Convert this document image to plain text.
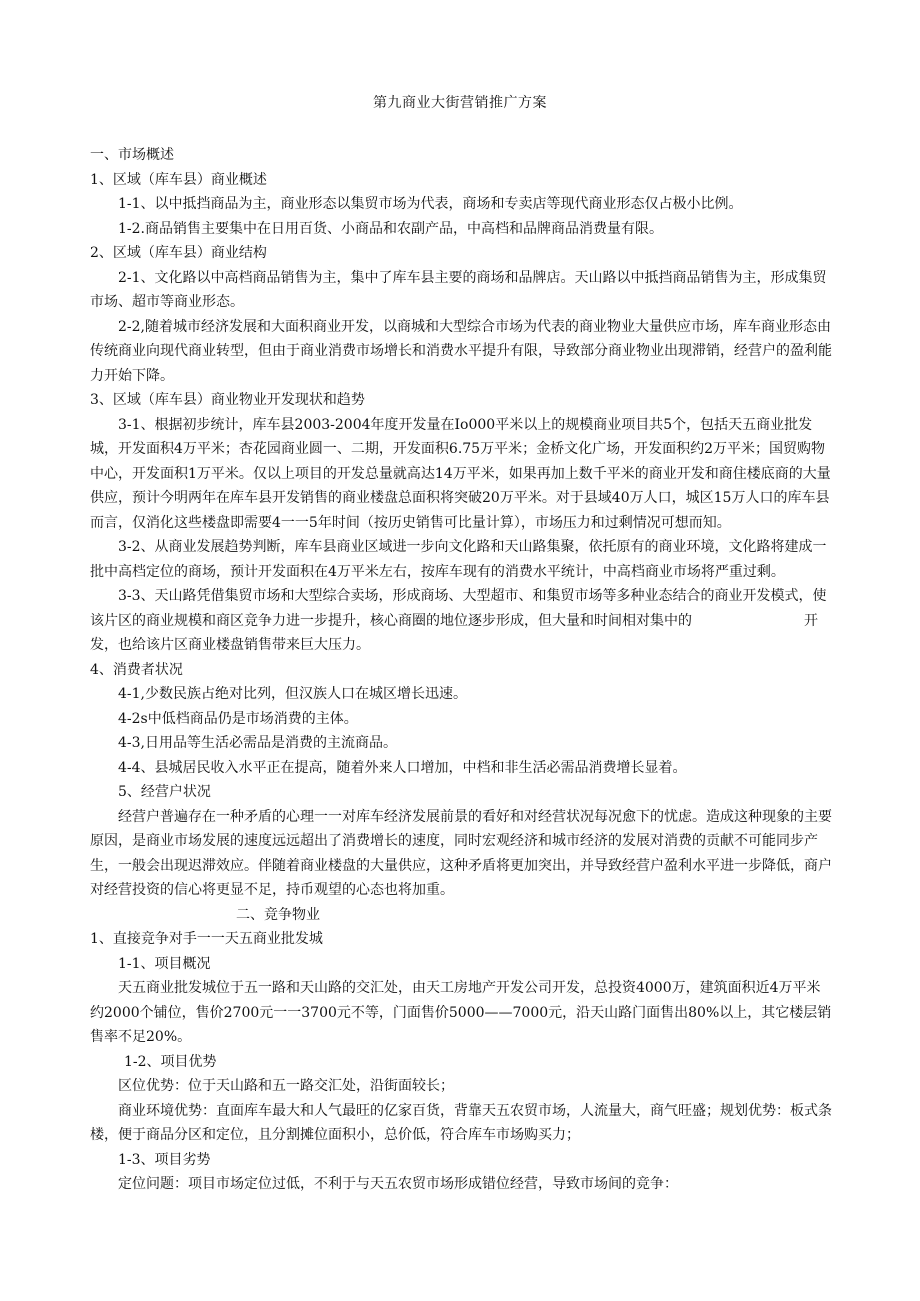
第九商业大街营销推广方案

一、市场概述

1、区域（库车县）商业概述

1-1、以中抵挡商品为主，商业形态以集贸市场为代表，商场和专卖店等现代商业形态仅占极小比例。

1-2.商品销售主要集中在日用百货、小商品和农副产品，中高档和品牌商品消费量有限。

2、区域（库车县）商业结构

2-1、文化路以中高档商品销售为主，集中了库车县主要的商场和品牌店。天山路以中抵挡商品销售为主，形成集贸市场、超市等商业形态。

2-2,随着城市经济发展和大面积商业开发，以商城和大型综合市场为代表的商业物业大量供应市场，库车商业形态由传统商业向现代商业转型，但由于商业消费市场增长和消费水平提升有限，导致部分商业物业出现滞销，经营户的盈利能力开始下降。

3、区域（库车县）商业物业开发现状和趋势

3-1、根据初步统计，库车县2003-2004年度开发量在Io000平米以上的规模商业项目共5个，包括天五商业批发城，开发面积4万平米；杏花园商业圆一、二期，开发面积6.75万平米；金桥文化广场，开发面积约2万平米；国贸购物中心，开发面积1万平米。仅以上项目的开发总量就高达14万平米，如果再加上数千平米的商业开发和商住楼底商的大量供应，预计今明两年在库车县开发销售的商业楼盘总面积将突破20万平米。对于县域40万人口，城区15万人口的库车县而言，仅消化这些楼盘即需要4一一5年时间（按历史销售可比量计算），市场压力和过剩情况可想而知。

3-2、从商业发展趋势判断，库车县商业区域进一步向文化路和天山路集聚，依托原有的商业环境，文化路将建成一批中高档定位的商场，预计开发面积在4万平米左右，按库车现有的消费水平统计，中高档商业市场将严重过剩。

3-3、天山路凭借集贸市场和大型综合卖场，形成商场、大型超市、和集贸市场等多种业态结合的商业开发模式，使该片区的商业规模和商区竞争力进一步提升，核心商圈的地位逐步形成，但大量和时间相对集中的	开

发，也给该片区商业楼盘销售带来巨大压力。

4、消费者状况

4-1,少数民族占绝对比列，但汉族人口在城区增长迅速。

4-2s中低档商品仍是市场消费的主体。

4-3,日用品等生活必需品是消费的主流商品。

4-4、县城居民收入水平正在提高，随着外来人口增加，中档和非生活必需品消费增长显着。

5、经营户状况

经营户普遍存在一种矛盾的心理一一对库车经济发展前景的看好和对经营状况每况愈下的忧虑。造成这种现象的主要原因，是商业市场发展的速度远远超出了消费增长的速度，同时宏观经济和城市经济的发展对消费的贡献不可能同步产生，一般会出现迟滞效应。伴随着商业楼盘的大量供应，这种矛盾将更加突出，并导致经营户盈利水平进一步降低，商户对经营投资的信心将更显不足，持币观望的心态也将加重。

二、竞争物业

1、直接竞争对手一一天五商业批发城

1-1、项目概况

天五商业批发城位于五一路和天山路的交汇处，由天工房地产开发公司开发，总投资4000万，建筑面积近4万平米约2000个铺位，售价2700元一一3700元不等，门面售价5000——7000元，沿天山路门面售出80%以上，其它楼层销售率不足20%。

1-2、项目优势

区位优势：位于天山路和五一路交汇处，沿街面较长；

商业环境优势：直面库车最大和人气最旺的亿家百货，背靠天五农贸市场，人流量大，商气旺盛；规划优势：板式条楼，便于商品分区和定位，且分割摊位面积小，总价低，符合库车市场购买力；

1-3、项目劣势

定位问题：项目市场定位过低，不利于与天五农贸市场形成错位经营，导致市场间的竞争：
